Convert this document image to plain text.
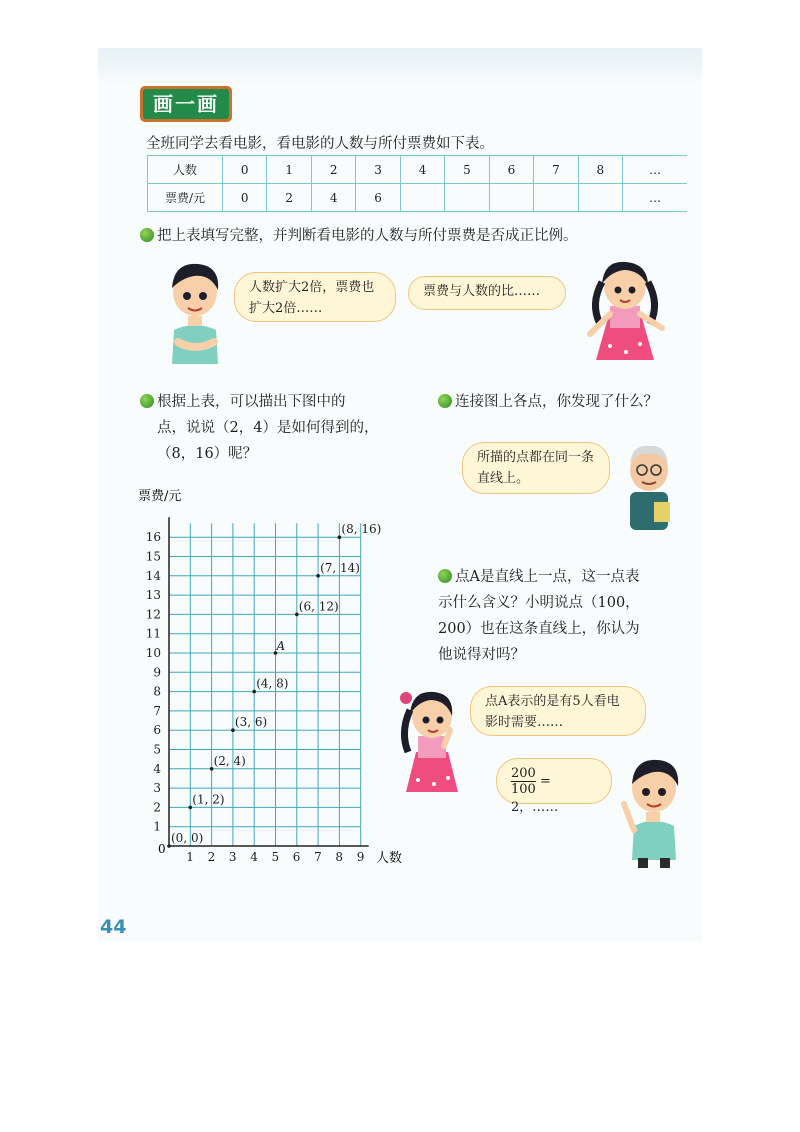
画一画
全班同学去看电影，看电影的人数与所付票费如下表。
人数	0	1	2	3	4	5	6	7	8	…
票费/元	0	2	4	6						…
把上表填写完整，并判断看电影的人数与所付票费是否成正比例。
人数扩大2倍，票费也扩大2倍……
票费与人数的比……
根据上表，可以描出下图中的
点，说说（2，4）是如何得到的，
（8，16）呢？
连接图上各点，你发现了什么？
所描的点都在同一条直线上。
点A是直线上一点，这一点表
示什么含义？小明说点（100，
200）也在这条直线上，你认为
他说得对吗？
点A表示的是有5人看电影时需要……
$\frac{200}{100} = 2$，……
1 2 3 4 5 6 7 8 9
1
2
3
4
5
6
7
8
9
10
11
12
13
14
15
16
(0, 0)
(1, 2)
(2, 4)
(3, 6)
(4, 8)
A
(6, 12)
(7, 14)
(8, 16)
票费/元
人数
0
44
